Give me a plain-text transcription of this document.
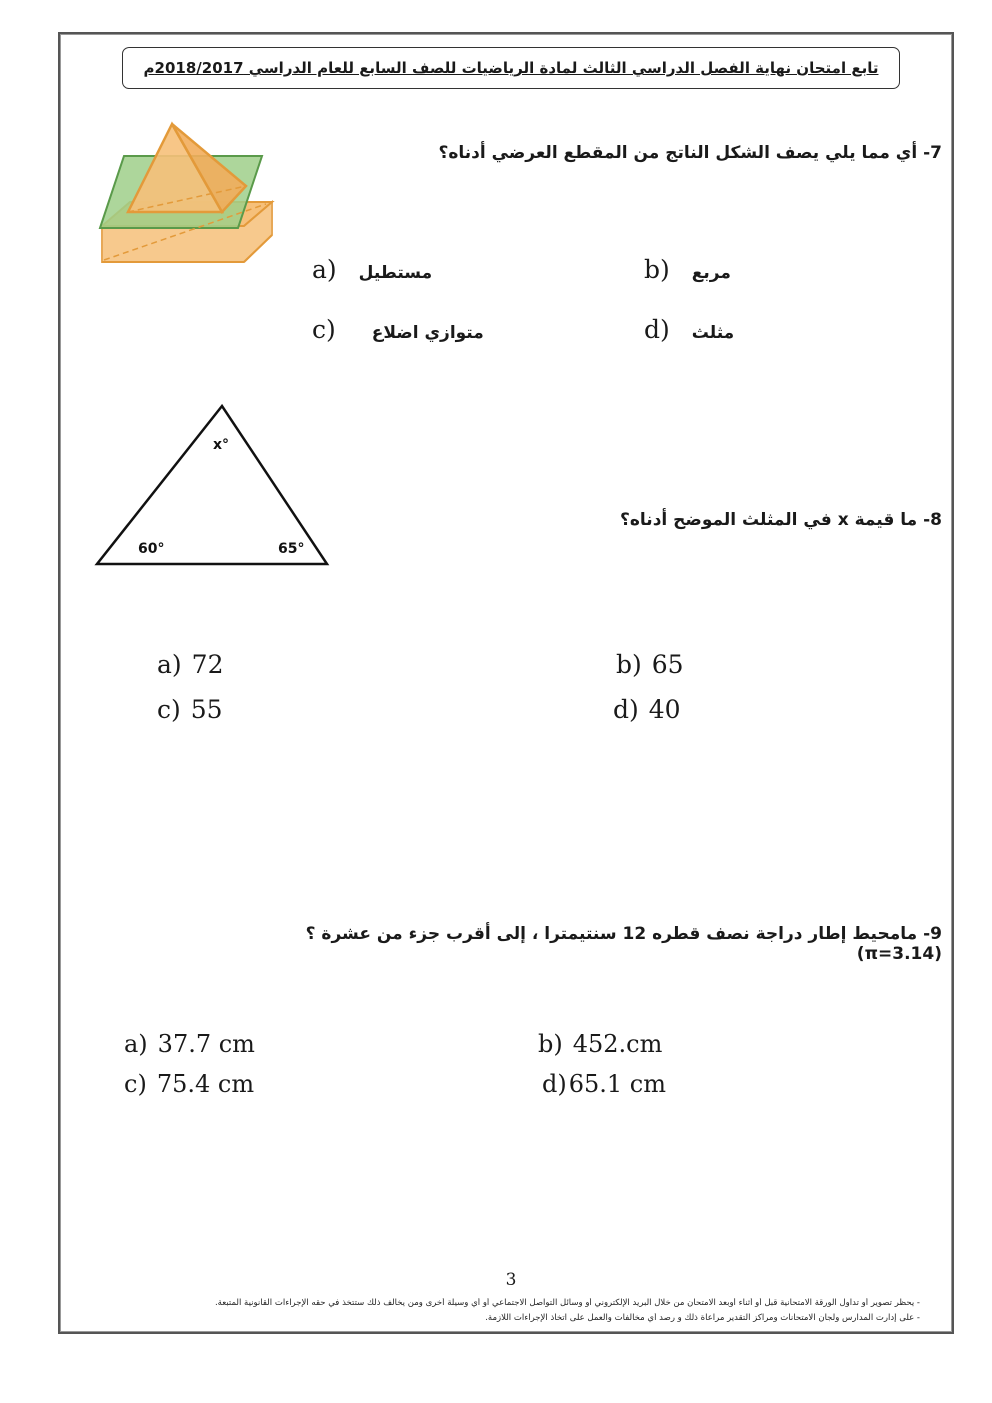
تابع امتحان نهاية الفصل الدراسي الثالث لمادة الرياضيات للصف السابع للعام الدراسي 2018/2017م
7- أي مما يلي يصف الشكل الناتج من المقطع العرضي أدناه؟
a) مستطيل	b) مربع
c) متوازي اضلاع	d) مثلث
x°
60°	65°
8- ما قيمة x في المثلث الموضح أدناه؟
a) 72	b) 65
c) 55	d) 40
9- مامحيط إطار دراجة نصف قطره 12 سنتيمترا ، إلى أقرب جزء من عشرة ؟ (π=3.14)
a) 37.7 cm	b) 452.cm
c) 75.4 cm	d)65.1 cm
3
- يحظر تصوير أو تداول الورقة الامتحانية قبل أو أثناء أوبعد الامتحان من خلال البريد الإلكتروني أو وسائل التواصل الاجتماعي أو أي وسيلة أخرى ومن يخالف ذلك ستتخذ في حقه الإجراءات القانونية المتبعة.
- على إدارت المدارس ولجان الامتحانات ومراكز التقدير مراعاة ذلك و رصد أي مخالفات والعمل على اتخاذ الإجراءات اللازمة.
